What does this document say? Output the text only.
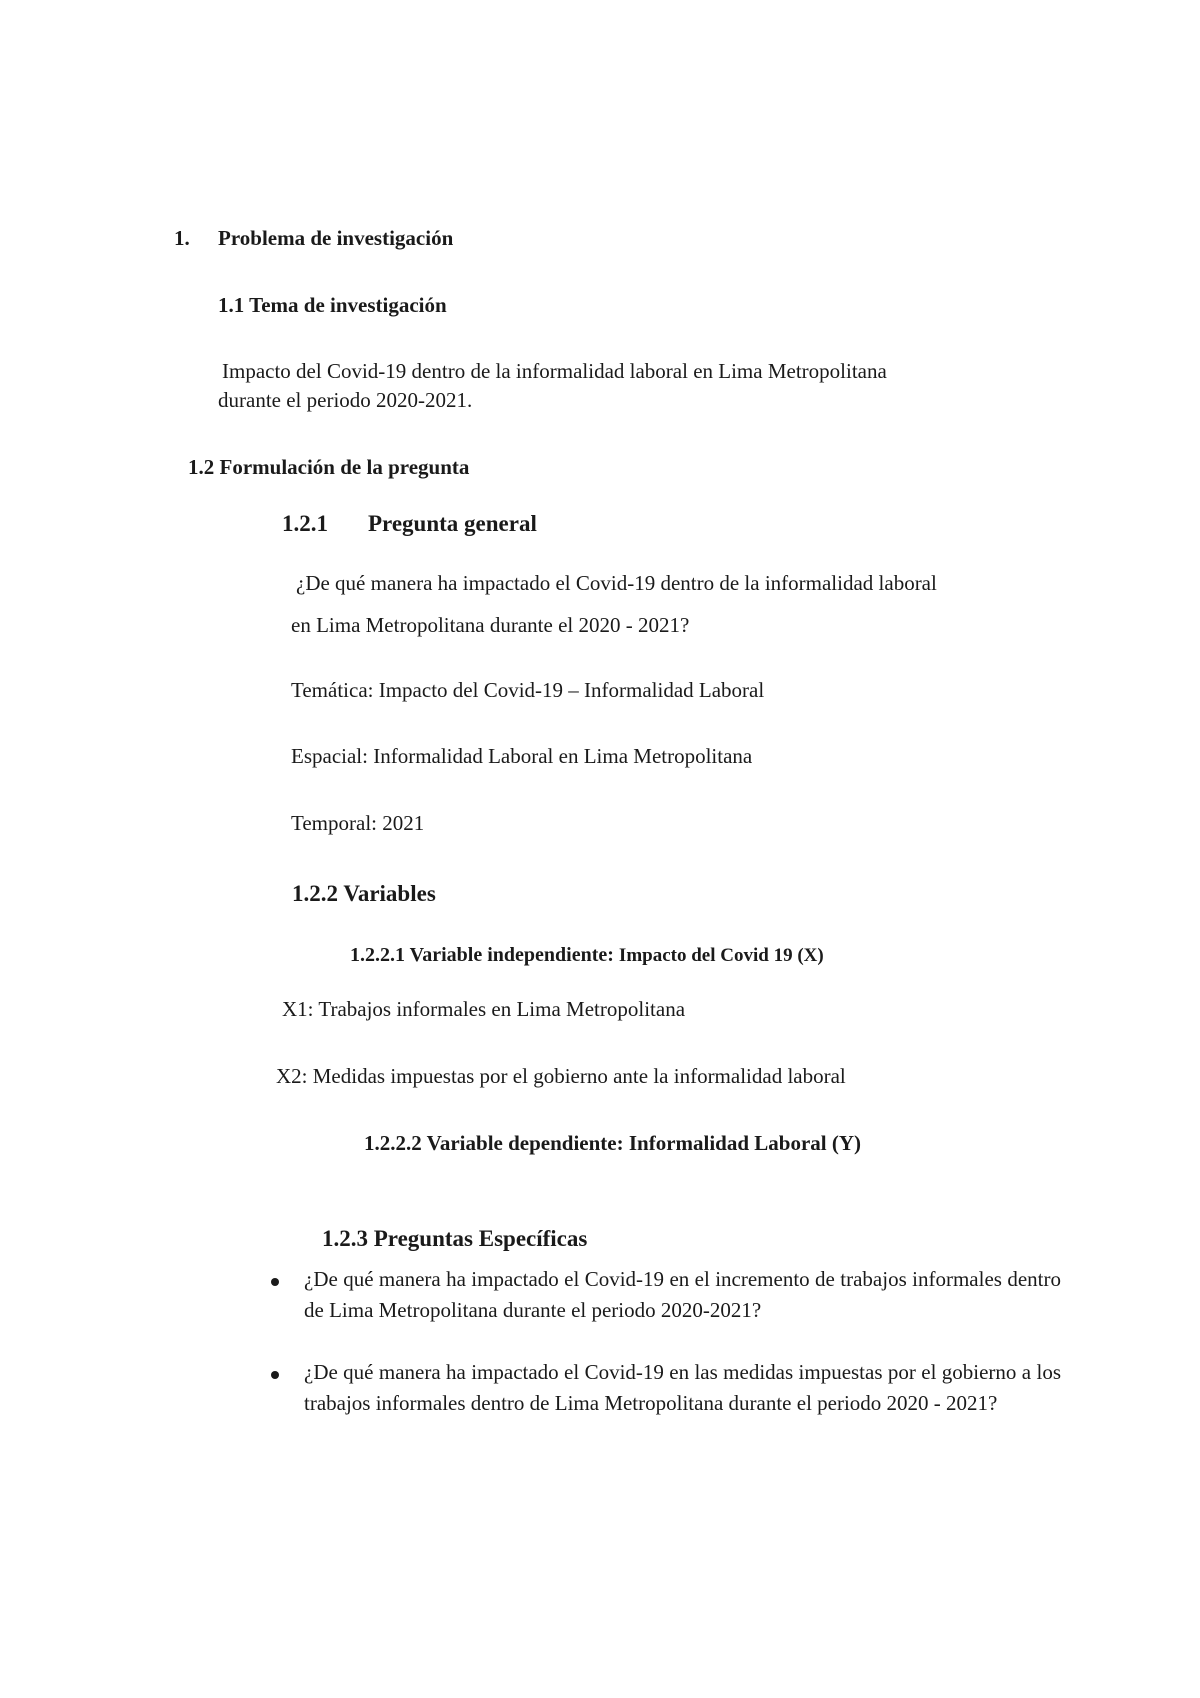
1. Problema de investigación
1.1 Tema de investigación
Impacto del Covid-19 dentro de la informalidad laboral en Lima Metropolitana
durante el periodo 2020-2021.
1.2 Formulación de la pregunta
1.2.1 Pregunta general
¿De qué manera ha impactado el Covid-19 dentro de la informalidad laboral
en Lima Metropolitana durante el 2020 - 2021?
Temática: Impacto del Covid-19 – Informalidad Laboral
Espacial: Informalidad Laboral en Lima Metropolitana
Temporal: 2021
1.2.2 Variables
1.2.2.1 Variable independiente: Impacto del Covid 19 (X)
X1: Trabajos informales en Lima Metropolitana
X2: Medidas impuestas por el gobierno ante la informalidad laboral
1.2.2.2 Variable dependiente: Informalidad Laboral (Y)
1.2.3 Preguntas Específicas
¿De qué manera ha impactado el Covid-19 en el incremento de trabajos informales dentro de Lima Metropolitana durante el periodo 2020-2021?
¿De qué manera ha impactado el Covid-19 en las medidas impuestas por el gobierno a los trabajos informales dentro de Lima Metropolitana durante el periodo 2020 - 2021?
